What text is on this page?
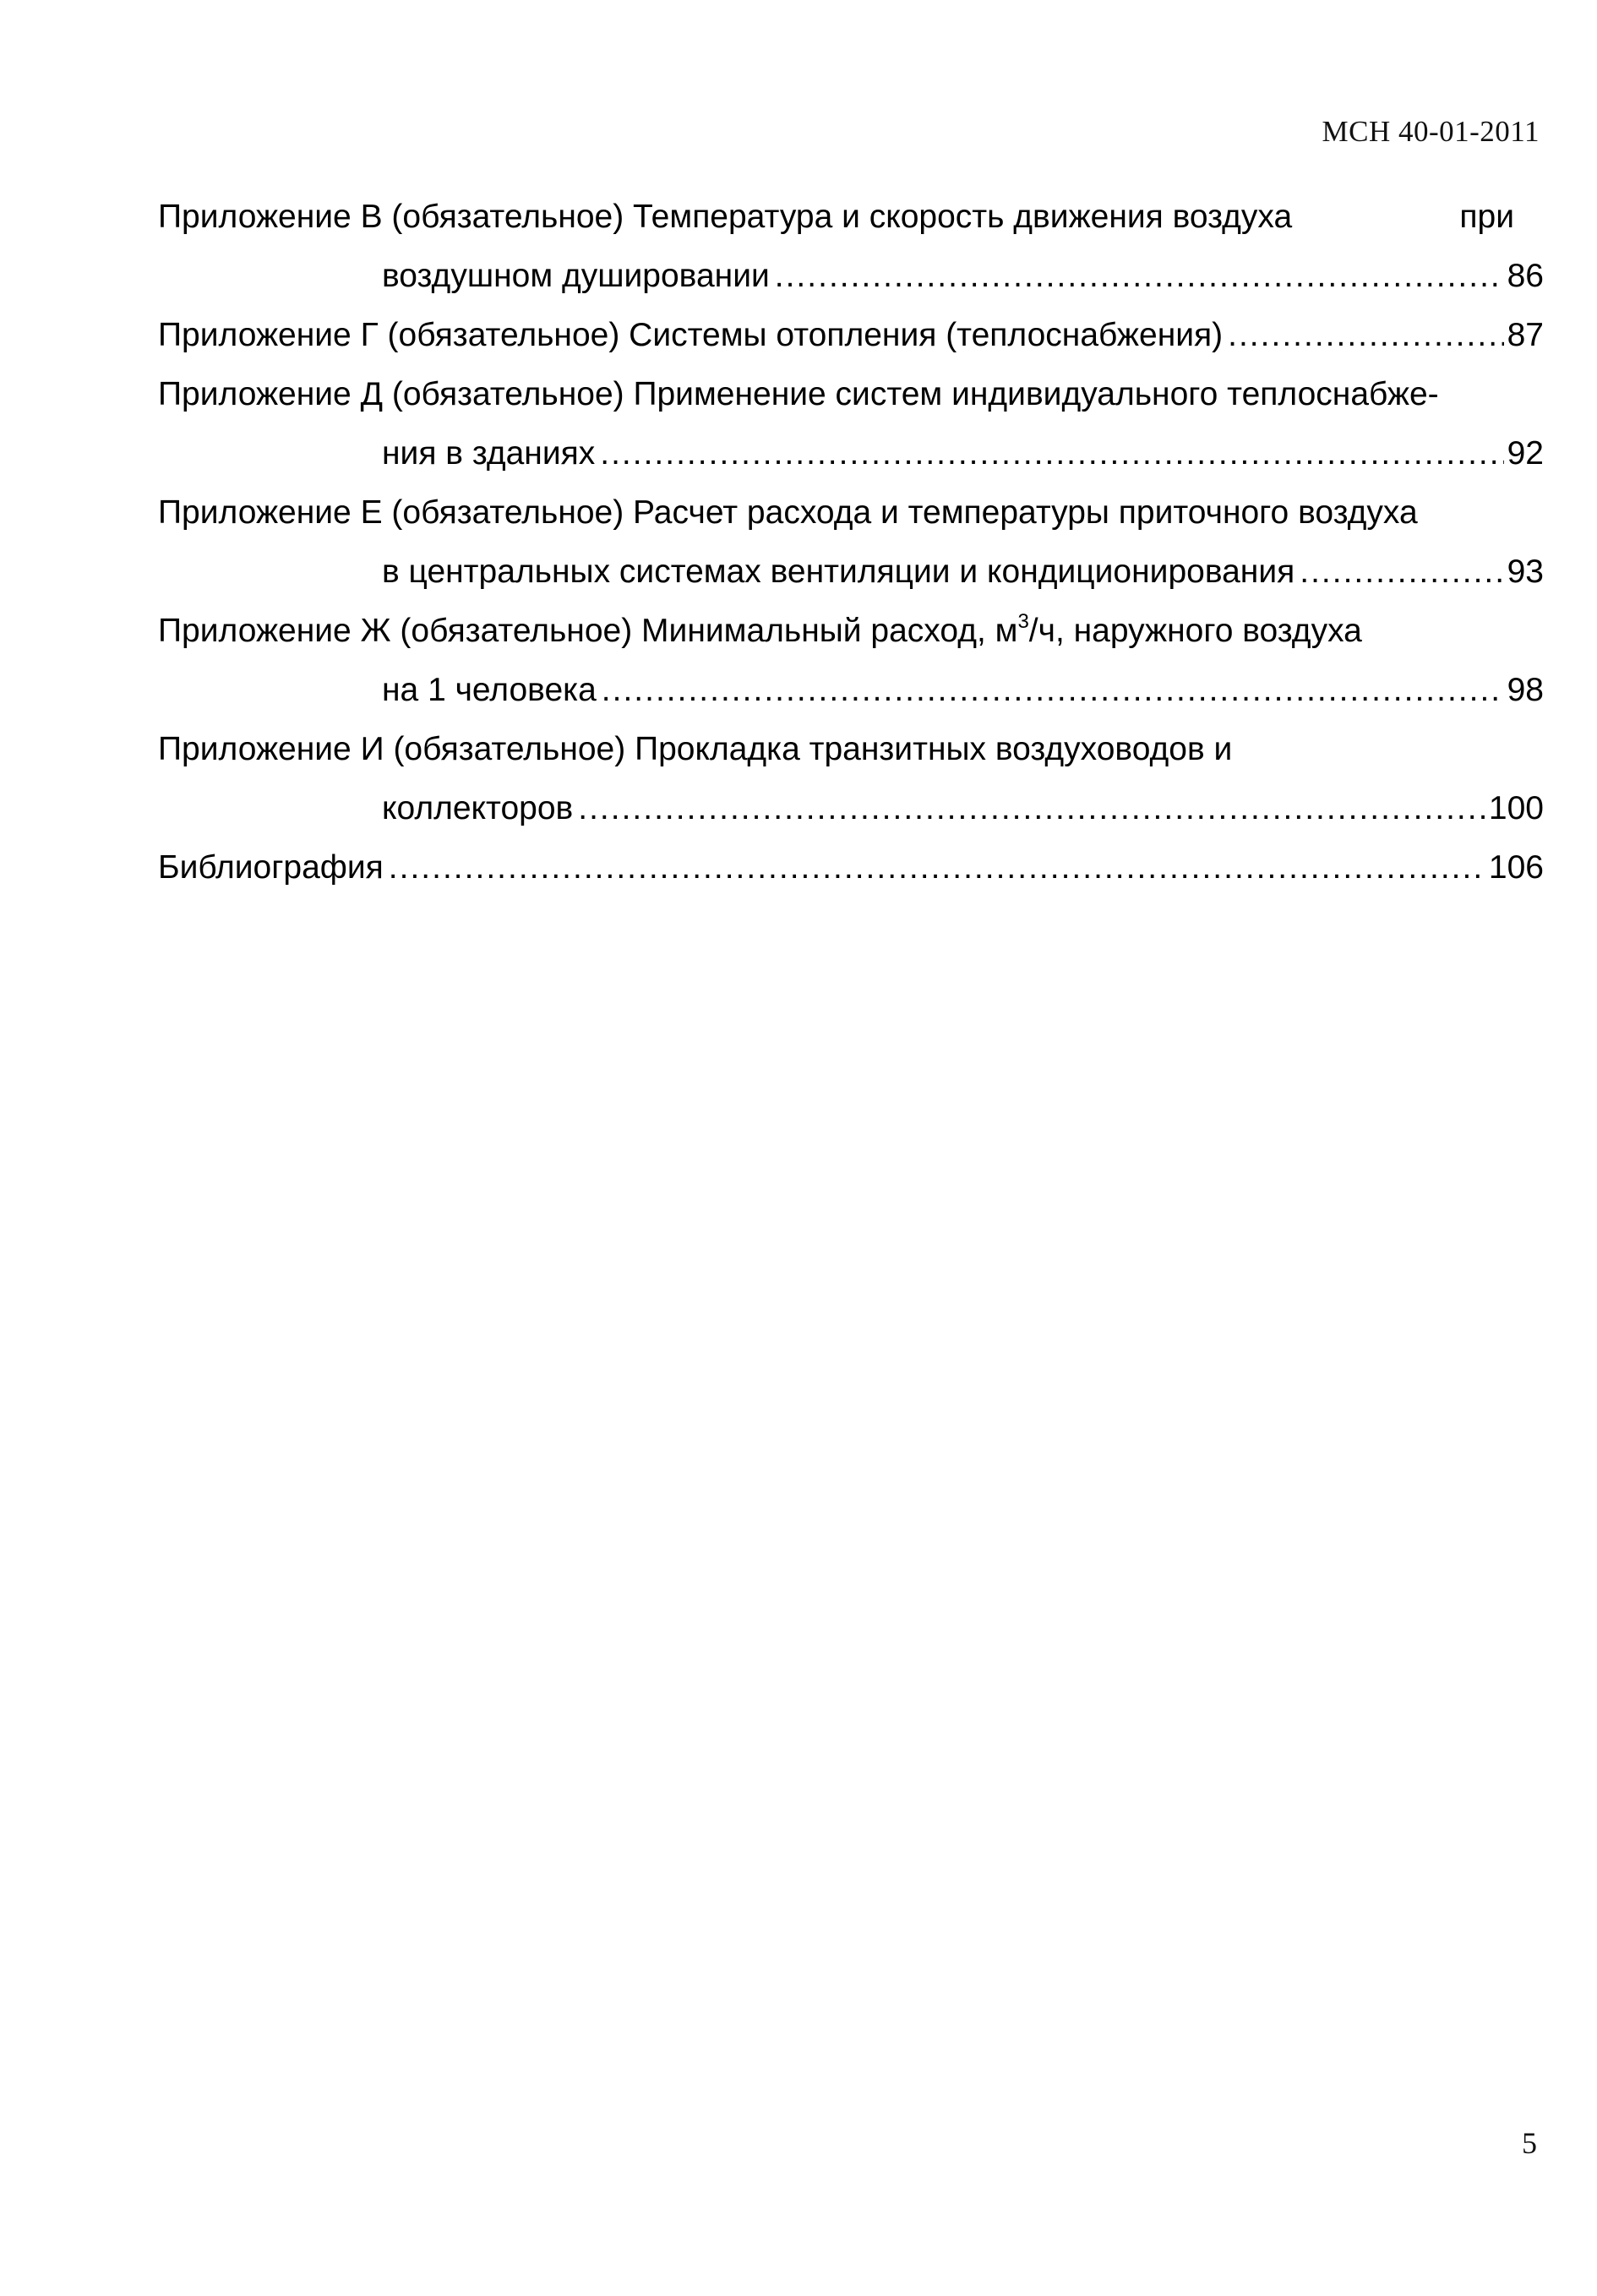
МСН 40-01-2011
Приложение В (обязательное) Температура и скорость движения воздуха	при
воздушном душировании .....	86
Приложение Г (обязательное) Системы отопления (теплоснабжения) .....	87
Приложение Д (обязательное) Применение систем индивидуального теплоснабже-
ния в зданиях .....	92
Приложение Е (обязательное) Расчет расхода и температуры приточного воздуха
в центральных системах вентиляции и кондиционирования .....	93
Приложение Ж (обязательное) Минимальный расход, $м^3/ч$, наружного воздуха
на 1 человека .....	98
Приложение И (обязательное) Прокладка транзитных воздуховодов и
коллекторов .....	100
Библиография .....	106
5
